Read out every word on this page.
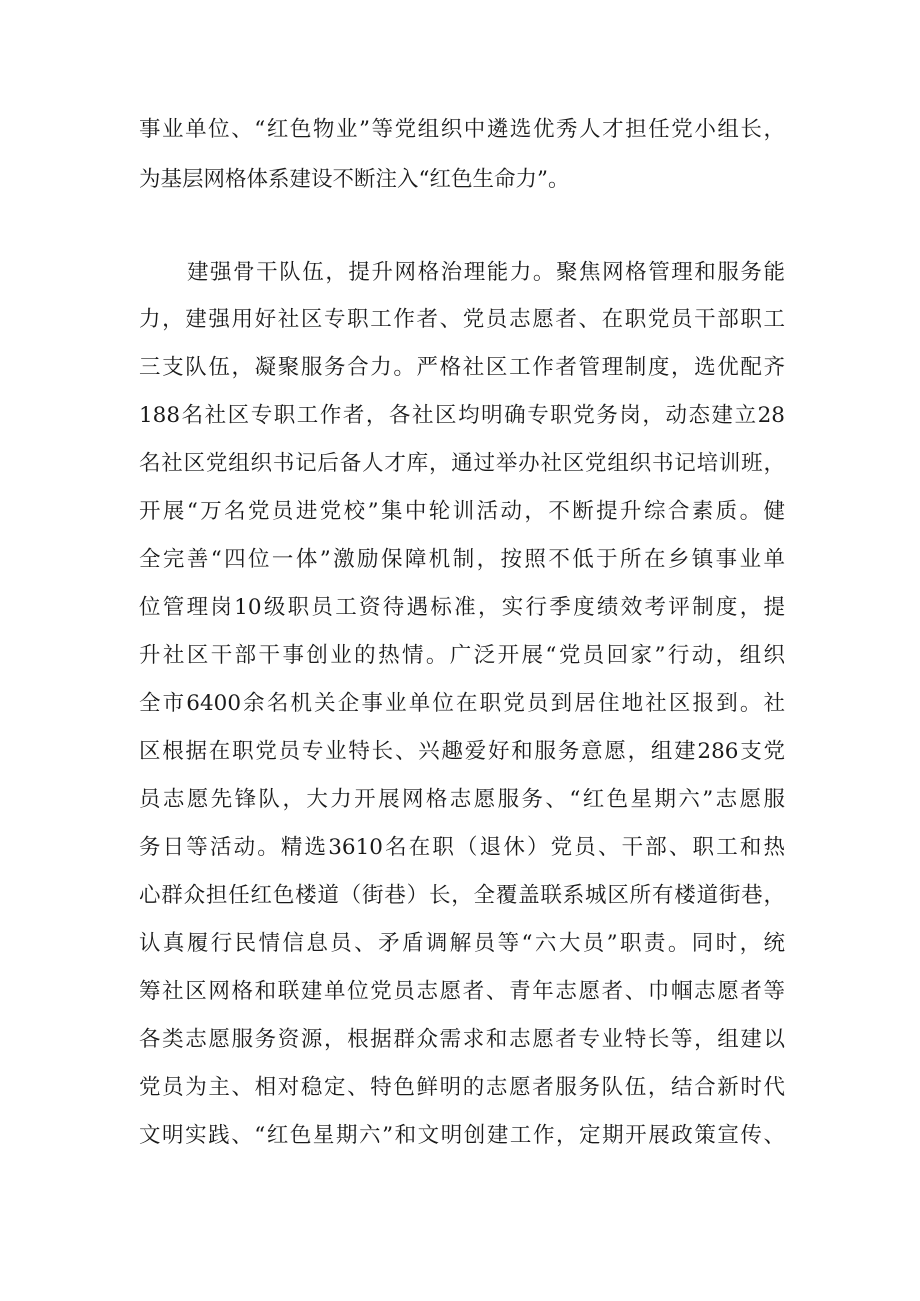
事业单位、“红色物业”等党组织中遴选优秀人才担任党小组长，
为基层网格体系建设不断注入“红色生命力”。
建强骨干队伍，提升网格治理能力。聚焦网格管理和服务能
力，建强用好社区专职工作者、党员志愿者、在职党员干部职工
三支队伍，凝聚服务合力。严格社区工作者管理制度，选优配齐
188名社区专职工作者，各社区均明确专职党务岗，动态建立28
名社区党组织书记后备人才库，通过举办社区党组织书记培训班，
开展“万名党员进党校”集中轮训活动，不断提升综合素质。健
全完善“四位一体”激励保障机制，按照不低于所在乡镇事业单
位管理岗10级职员工资待遇标准，实行季度绩效考评制度，提
升社区干部干事创业的热情。广泛开展“党员回家”行动，组织
全市6400余名机关企事业单位在职党员到居住地社区报到。社
区根据在职党员专业特长、兴趣爱好和服务意愿，组建286支党
员志愿先锋队，大力开展网格志愿服务、“红色星期六”志愿服
务日等活动。精选3610名在职（退休）党员、干部、职工和热
心群众担任红色楼道（街巷）长，全覆盖联系城区所有楼道街巷，
认真履行民情信息员、矛盾调解员等“六大员”职责。同时，统
筹社区网格和联建单位党员志愿者、青年志愿者、巾帼志愿者等
各类志愿服务资源，根据群众需求和志愿者专业特长等，组建以
党员为主、相对稳定、特色鲜明的志愿者服务队伍，结合新时代
文明实践、“红色星期六”和文明创建工作，定期开展政策宣传、
